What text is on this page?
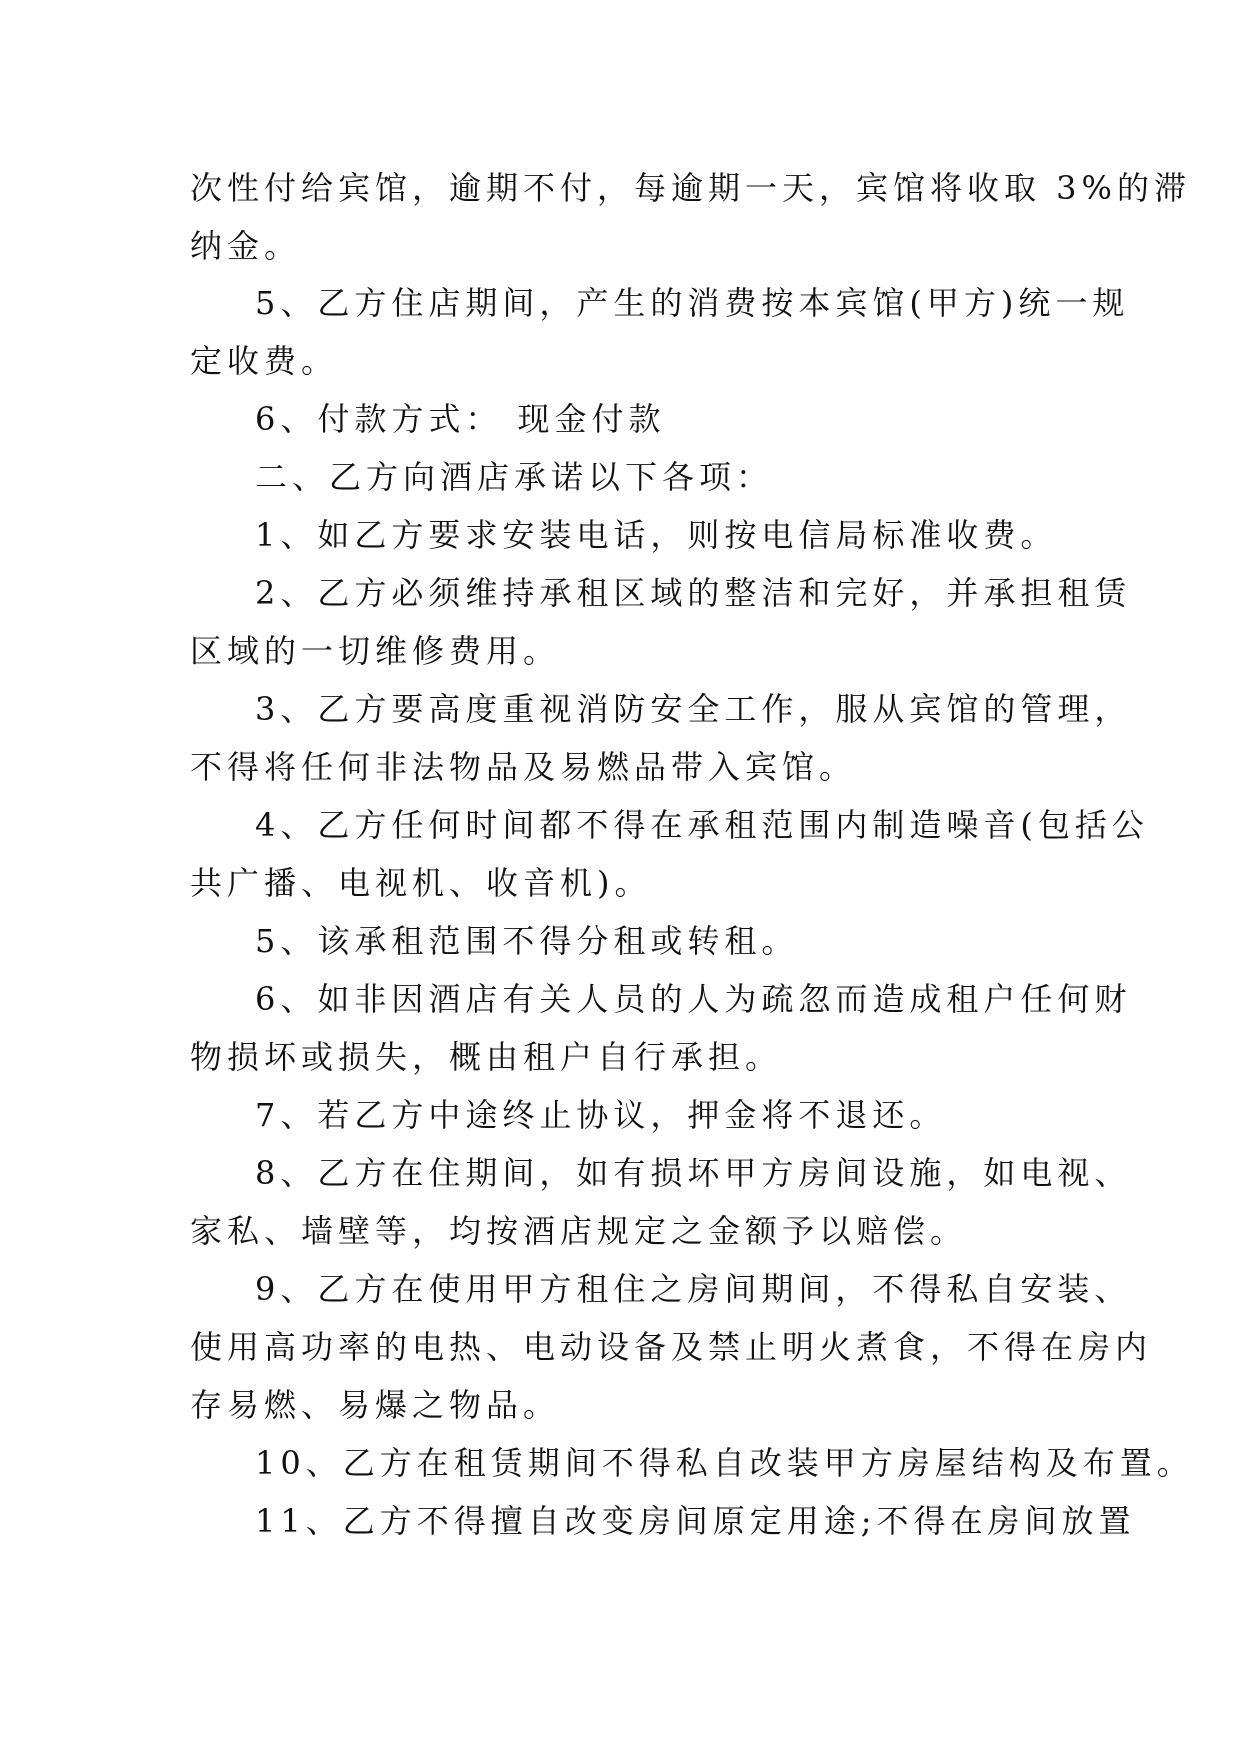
次性付给宾馆，逾期不付，每逾期一天，宾馆将收取 3%的滞
纳金。
5、乙方住店期间，产生的消费按本宾馆(甲方)统一规
定收费。
6、付款方式： 现金付款
二、乙方向酒店承诺以下各项：
1、如乙方要求安装电话，则按电信局标准收费。
2、乙方必须维持承租区域的整洁和完好，并承担租赁
区域的一切维修费用。
3、乙方要高度重视消防安全工作，服从宾馆的管理，
不得将任何非法物品及易燃品带入宾馆。
4、乙方任何时间都不得在承租范围内制造噪音(包括公
共广播、电视机、收音机)。
5、该承租范围不得分租或转租。
6、如非因酒店有关人员的人为疏忽而造成租户任何财
物损坏或损失，概由租户自行承担。
7、若乙方中途终止协议，押金将不退还。
8、乙方在住期间，如有损坏甲方房间设施，如电视、
家私、墙壁等，均按酒店规定之金额予以赔偿。
9、乙方在使用甲方租住之房间期间，不得私自安装、
使用高功率的电热、电动设备及禁止明火煮食，不得在房内
存易燃、易爆之物品。
10、乙方在租赁期间不得私自改装甲方房屋结构及布置。
11、乙方不得擅自改变房间原定用途;不得在房间放置
